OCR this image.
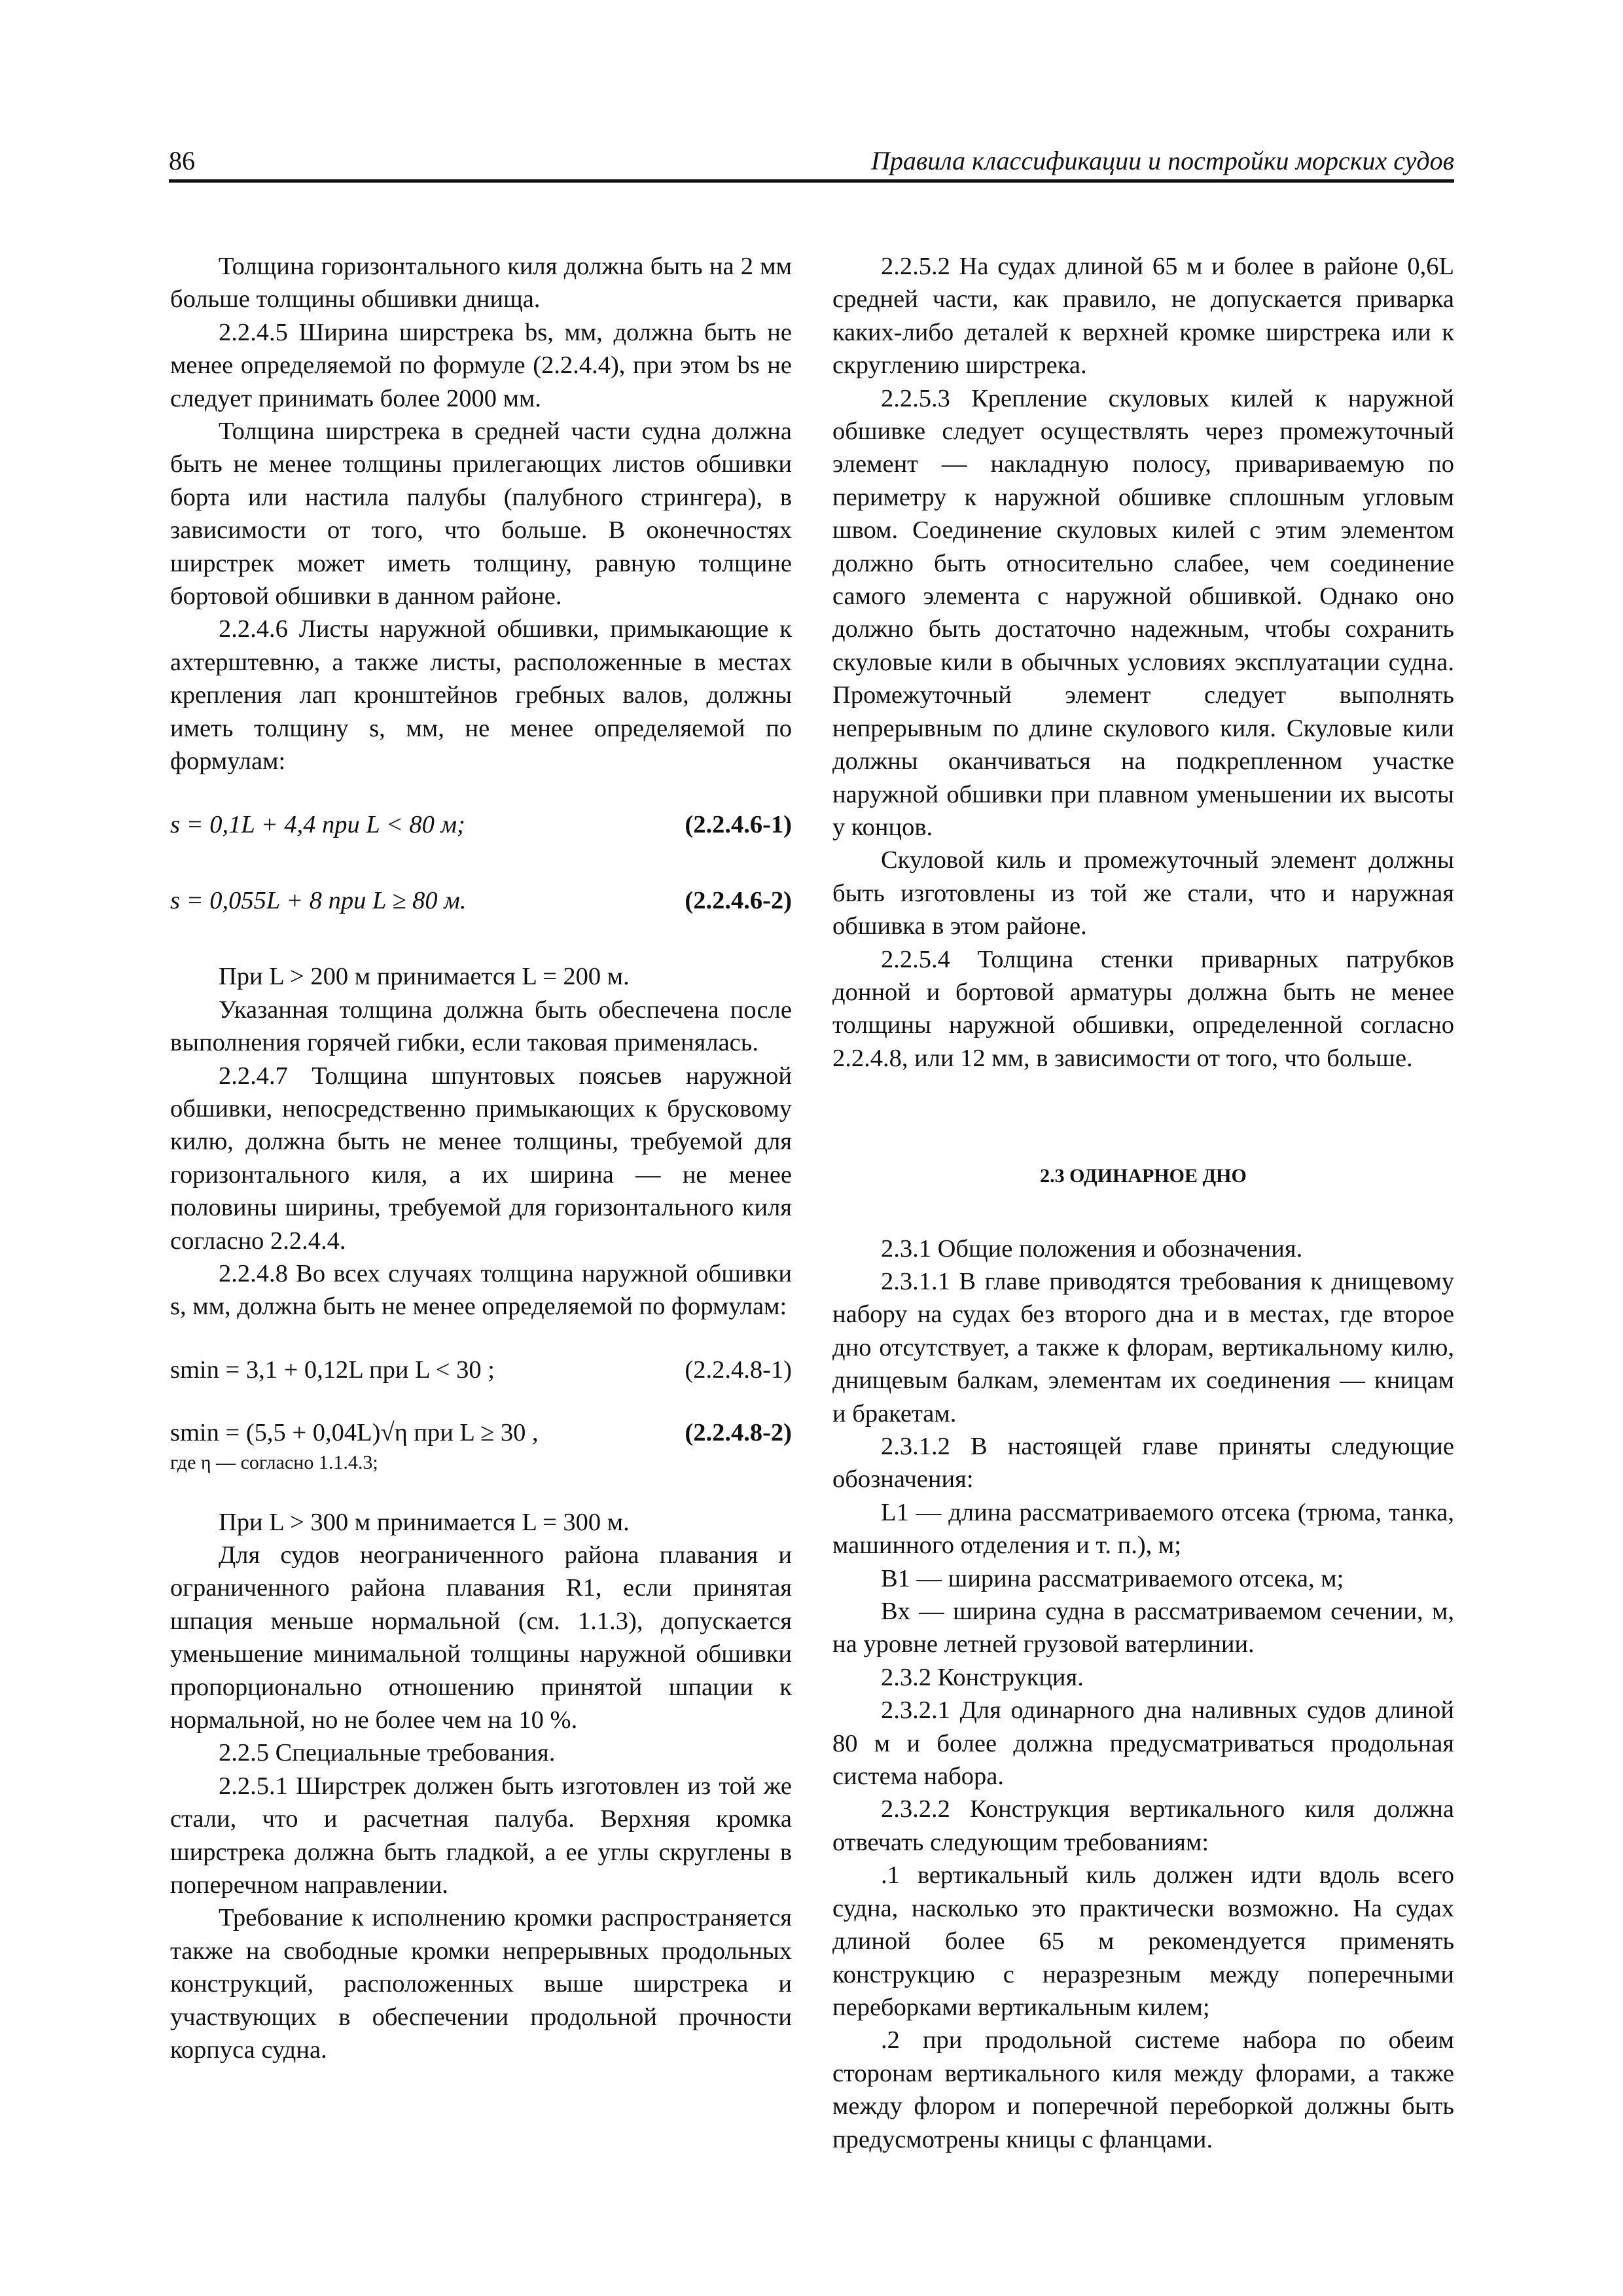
86	Правила классификации и постройки морских судов

Толщина горизонтального киля должна быть на 2 мм больше толщины обшивки днища.

2.2.4.5 Ширина ширстрека bs, мм, должна быть не менее определяемой по формуле (2.2.4.4), при этом bs не следует принимать более 2000 мм.

Толщина ширстрека в средней части судна должна быть не менее толщины прилегающих листов обшивки борта или настила палубы (палубного стрингера), в зависимости от того, что больше. В оконечностях ширстрек может иметь толщину, равную толщине бортовой обшивки в данном районе.

2.2.4.6 Листы наружной обшивки, примыкающие к ахтерштевню, а также листы, расположенные в местах крепления лап кронштейнов гребных валов, должны иметь толщину s, мм, не менее определяемой по формулам:

s = 0,1L + 4,4 при L < 80 м;	(2.2.4.6-1)
s = 0,055L + 8 при L ≥ 80 м.	(2.2.4.6-2)

При L > 200 м принимается L = 200 м.

Указанная толщина должна быть обеспечена после выполнения горячей гибки, если таковая применялась.

2.2.4.7 Толщина шпунтовых поясьев наружной обшивки, непосредственно примыкающих к брусковому килю, должна быть не менее толщины, требуемой для горизонтального киля, а их ширина — не менее половины ширины, требуемой для горизонтального киля согласно 2.2.4.4.

2.2.4.8 Во всех случаях толщина наружной обшивки s, мм, должна быть не менее определяемой по формулам:

smin = 3,1 + 0,12L при L < 30 ;	(2.2.4.8-1)
smin = (5,5 + 0,04L)√η при L ≥ 30 ,	(2.2.4.8-2)

где η — согласно 1.1.4.3;

При L > 300 м принимается L = 300 м.

Для судов неограниченного района плавания и ограниченного района плавания R1, если принятая шпация меньше нормальной (см. 1.1.3), допускается уменьшение минимальной толщины наружной обшивки пропорционально отношению принятой шпации к нормальной, но не более чем на 10 %.

2.2.5 Специальные требования.

2.2.5.1 Ширстрек должен быть изготовлен из той же стали, что и расчетная палуба. Верхняя кромка ширстрека должна быть гладкой, а ее углы скруглены в поперечном направлении.

Требование к исполнению кромки распространяется также на свободные кромки непрерывных продольных конструкций, расположенных выше ширстрека и участвующих в обеспечении продольной прочности корпуса судна.

2.2.5.2 На судах длиной 65 м и более в районе 0,6L средней части, как правило, не допускается приварка каких-либо деталей к верхней кромке ширстрека или к скруглению ширстрека.

2.2.5.3 Крепление скуловых килей к наружной обшивке следует осуществлять через промежуточный элемент — накладную полосу, привариваемую по периметру к наружной обшивке сплошным угловым швом. Соединение скуловых килей с этим элементом должно быть относительно слабее, чем соединение самого элемента с наружной обшивкой. Однако оно должно быть достаточно надежным, чтобы сохранить скуловые кили в обычных условиях эксплуатации судна. Промежуточный элемент следует выполнять непрерывным по длине скулового киля. Скуловые кили должны оканчиваться на подкрепленном участке наружной обшивки при плавном уменьшении их высоты у концов.

Скуловой киль и промежуточный элемент должны быть изготовлены из той же стали, что и наружная обшивка в этом районе.

2.2.5.4 Толщина стенки приварных патрубков донной и бортовой арматуры должна быть не менее толщины наружной обшивки, определенной согласно 2.2.4.8, или 12 мм, в зависимости от того, что больше.

2.3 ОДИНАРНОЕ ДНО

2.3.1 Общие положения и обозначения.

2.3.1.1 В главе приводятся требования к днищевому набору на судах без второго дна и в местах, где второе дно отсутствует, а также к флорам, вертикальному килю, днищевым балкам, элементам их соединения — кницам и бракетам.

2.3.1.2 В настоящей главе приняты следующие обозначения:

L1 — длина рассматриваемого отсека (трюма, танка, машинного отделения и т. п.), м;

B1 — ширина рассматриваемого отсека, м;

Bx — ширина судна в рассматриваемом сечении, м, на уровне летней грузовой ватерлинии.

2.3.2 Конструкция.

2.3.2.1 Для одинарного дна наливных судов длиной 80 м и более должна предусматриваться продольная система набора.

2.3.2.2 Конструкция вертикального киля должна отвечать следующим требованиям:

.1 вертикальный киль должен идти вдоль всего судна, насколько это практически возможно. На судах длиной более 65 м рекомендуется применять конструкцию с неразрезным между поперечными переборками вертикальным килем;

.2 при продольной системе набора по обеим сторонам вертикального киля между флорами, а также между флором и поперечной переборкой должны быть предусмотрены кницы с фланцами.
